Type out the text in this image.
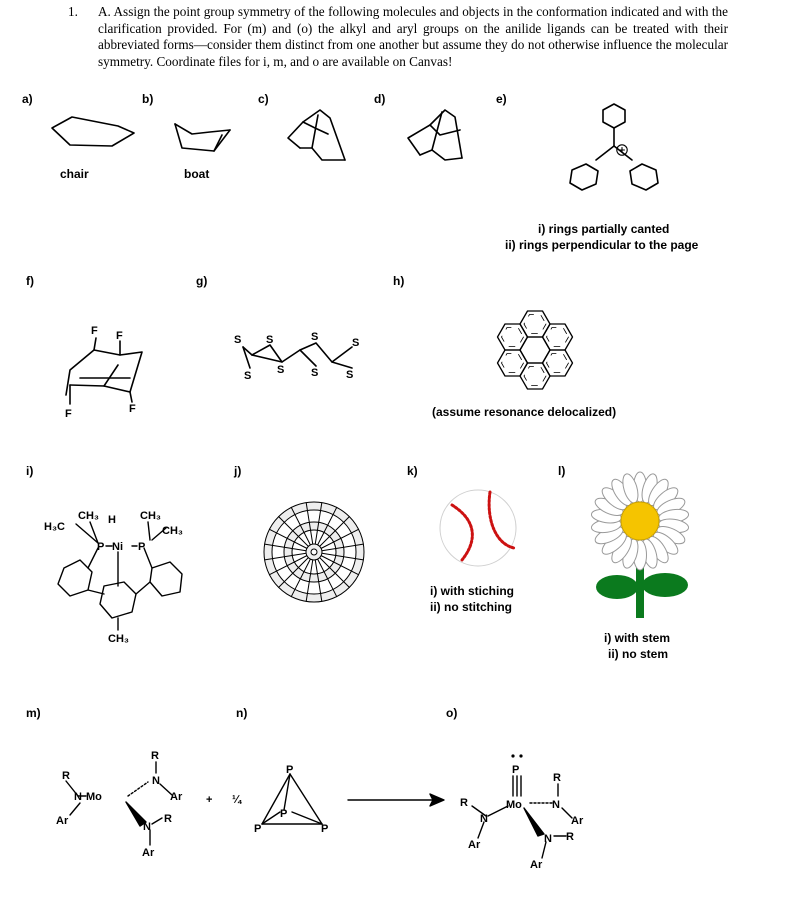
1. A. Assign the point group symmetry of the following molecules and objects in the conformation indicated and with the clarification provided. For (m) and (o) the alkyl and aryl groups on the anilide ligands can be treated with their abbreviated forms—consider them distinct from one another but assume they do not otherwise influence the molecular symmetry. Coordinate files for i, m, and o are available on Canvas!
a)	b)	c)	d)	e)
f)	g)	h)
i)	j)	k)	l)
m)	n)	o)
chair	boat
i) rings partially canted
ii) rings perpendicular to the page
(assume resonance delocalized)
i) with stiching
ii) no stitching
i) with stem
ii) no stem
F F
F	F
S S
S S
S
S
S
S
H₃C
CH₃ H CH₃
CH₃
P Ni P
CH₃
R
N
Ar
Mo
R
N
Ar
N
R
Ar
+ ¼
P
P
P	P
P
Mo
R
N
Ar
R
N
Ar
N R
Ar
